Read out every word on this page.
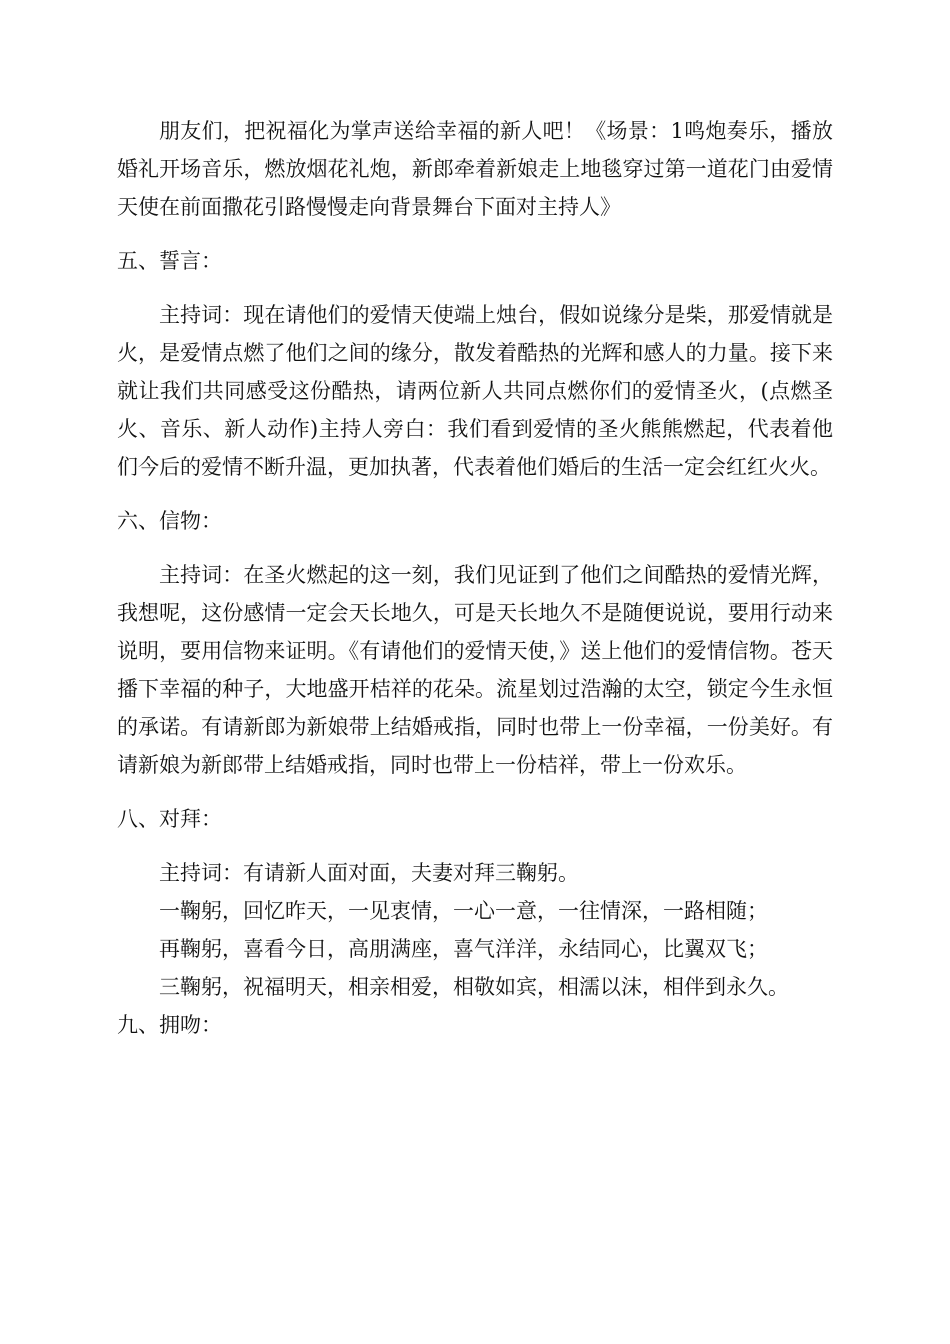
朋友们，把祝福化为掌声送给幸福的新人吧！《场景：1鸣炮奏乐，播放婚礼开场音乐，燃放烟花礼炮，新郎牵着新娘走上地毯穿过第一道花门由爱情天使在前面撒花引路慢慢走向背景舞台下面对主持人》

五、誓言：

主持词：现在请他们的爱情天使端上烛台，假如说缘分是柴，那爱情就是火，是爱情点燃了他们之间的缘分，散发着酷热的光辉和感人的力量。接下来就让我们共同感受这份酷热，请两位新人共同点燃你们的爱情圣火，(点燃圣火、音乐、新人动作)主持人旁白：我们看到爱情的圣火熊熊燃起，代表着他们今后的爱情不断升温，更加执著，代表着他们婚后的生活一定会红红火火。

六、信物：

主持词：在圣火燃起的这一刻，我们见证到了他们之间酷热的爱情光辉，我想呢，这份感情一定会天长地久，可是天长地久不是随便说说，要用行动来说明，要用信物来证明。《有请他们的爱情天使，》送上他们的爱情信物。苍天播下幸福的种子，大地盛开桔祥的花朵。流星划过浩瀚的太空，锁定今生永恒的承诺。有请新郎为新娘带上结婚戒指，同时也带上一份幸福，一份美好。有请新娘为新郎带上结婚戒指，同时也带上一份桔祥，带上一份欢乐。

八、对拜：

主持词：有请新人面对面，夫妻对拜三鞠躬。

一鞠躬，回忆昨天，一见衷情，一心一意，一往情深，一路相随；

再鞠躬，喜看今日，高朋满座，喜气洋洋，永结同心，比翼双飞；

三鞠躬，祝福明天，相亲相爱，相敬如宾，相濡以沫，相伴到永久。

九、拥吻：
